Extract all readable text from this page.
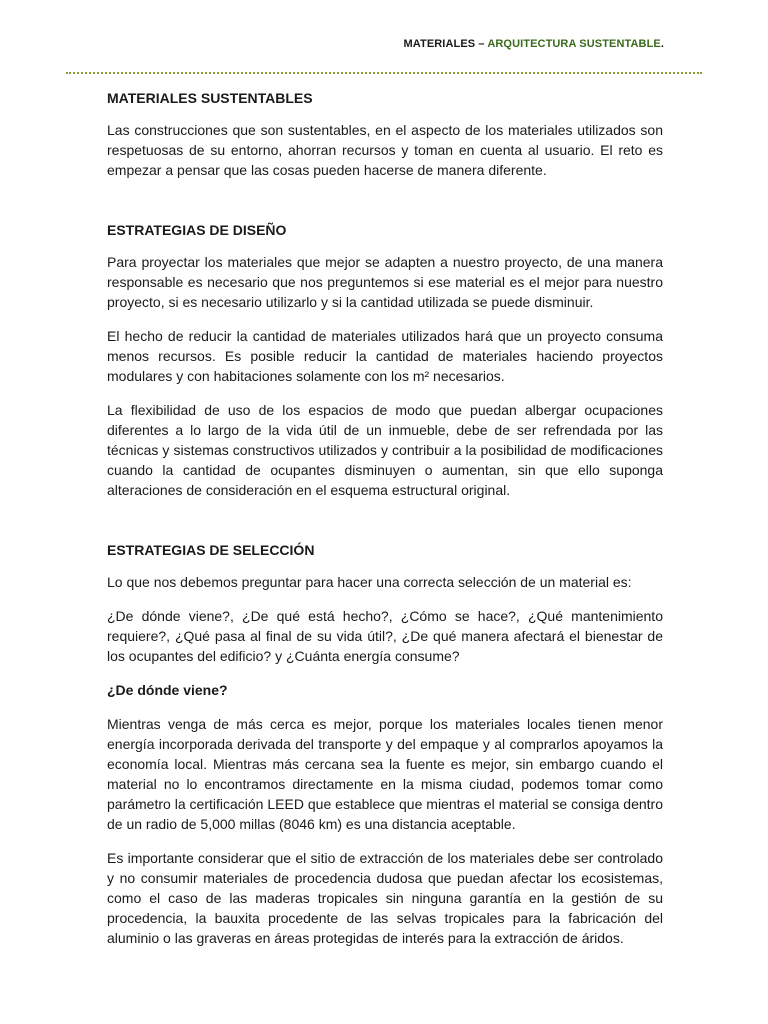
MATERIALES – ARQUITECTURA SUSTENTABLE.
MATERIALES SUSTENTABLES

Las construcciones que son sustentables, en el aspecto de los materiales utilizados son respetuosas de su entorno, ahorran recursos y toman en cuenta al usuario. El reto es empezar a pensar que las cosas pueden hacerse de manera diferente.

ESTRATEGIAS DE DISEÑO

Para proyectar los materiales que mejor se adapten a nuestro proyecto, de una manera responsable es necesario que nos preguntemos si ese material es el mejor para nuestro proyecto, si es necesario utilizarlo y si la cantidad utilizada se puede disminuir.

El hecho de reducir la cantidad de materiales utilizados hará que un proyecto consuma menos recursos. Es posible reducir la cantidad de materiales haciendo proyectos modulares y con habitaciones solamente con los m² necesarios.

La flexibilidad de uso de los espacios de modo que puedan albergar ocupaciones diferentes a lo largo de la vida útil de un inmueble, debe de ser refrendada por las técnicas y sistemas constructivos utilizados y contribuir a la posibilidad de modificaciones cuando la cantidad de ocupantes disminuyen o aumentan, sin que ello suponga alteraciones de consideración en el esquema estructural original.

ESTRATEGIAS DE SELECCIÓN

Lo que nos debemos preguntar para hacer una correcta selección de un material es:

¿De dónde viene?, ¿De qué está hecho?, ¿Cómo se hace?, ¿Qué mantenimiento requiere?, ¿Qué pasa al final de su vida útil?, ¿De qué manera afectará el bienestar de los ocupantes del edificio? y ¿Cuánta energía consume?

¿De dónde viene?

Mientras venga de más cerca es mejor, porque los materiales locales tienen menor energía incorporada derivada del transporte y del empaque y al comprarlos apoyamos la economía local. Mientras más cercana sea la fuente es mejor, sin embargo cuando el material no lo encontramos directamente en la misma ciudad, podemos tomar como parámetro la certificación LEED que establece que mientras el material se consiga dentro de un radio de 5,000 millas (8046 km) es una distancia aceptable.

Es importante considerar que el sitio de extracción de los materiales debe ser controlado y no consumir materiales de procedencia dudosa que puedan afectar los ecosistemas, como el caso de las maderas tropicales sin ninguna garantía en la gestión de su procedencia, la bauxita procedente de las selvas tropicales para la fabricación del aluminio o las graveras en áreas protegidas de interés para la extracción de áridos.
